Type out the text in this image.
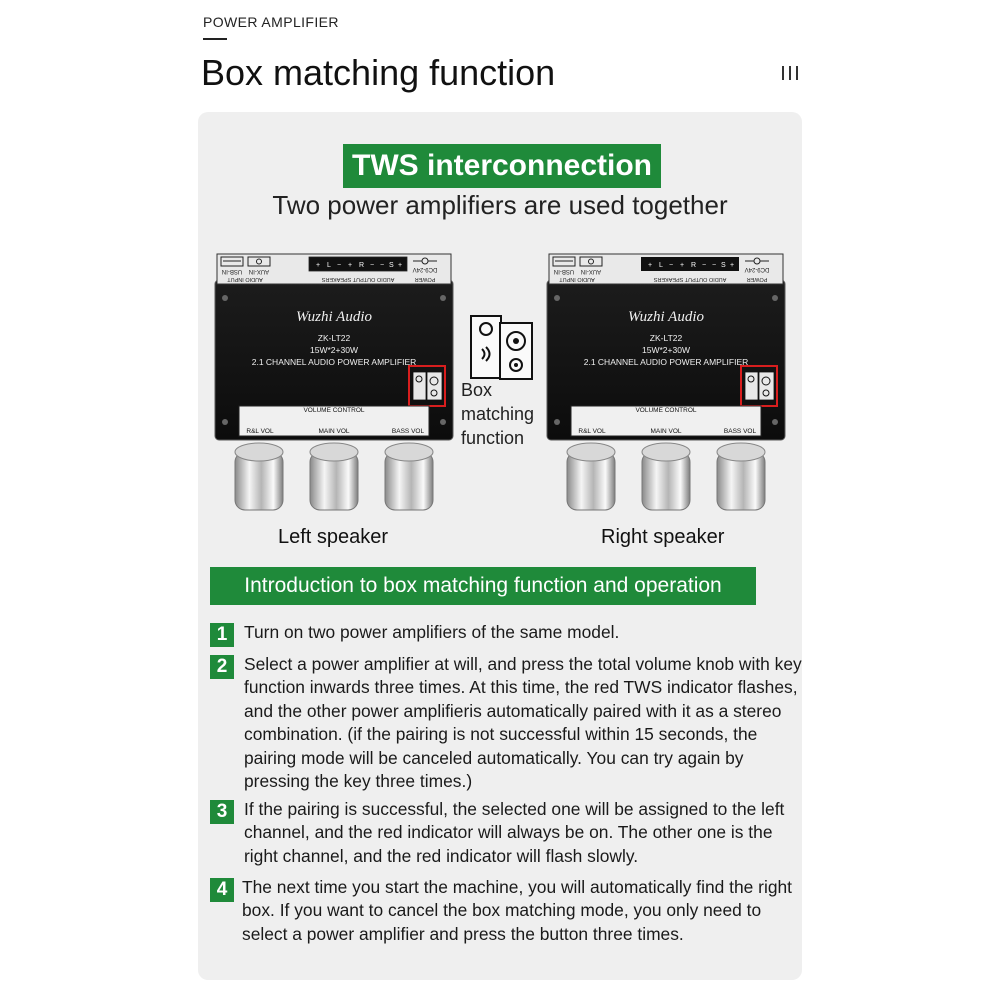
POWER AMPLIFIER
Box matching function
TWS interconnection
Two power amplifiers are used together
USB-IN AUX-IN
AUDIO INPUT
+ L − + R − − S +
AUDIO OUTPUT SPEAKERS
DC9-24V
POWER
Wuzhi Audio
ZK-LT22
15W*2+30W
2.1 CHANNEL AUDIO POWER AMPLIFIER
VOLUME CONTROL
R&L VOL	MAIN VOL	BASS VOL
USB-IN AUX-IN
AUDIO INPUT
+ L − + R − − S +
AUDIO OUTPUT SPEAKERS
DC9-24V
POWER
Wuzhi Audio
ZK-LT22
15W*2+30W
2.1 CHANNEL AUDIO POWER AMPLIFIER
VOLUME CONTROL
R&L VOL	MAIN VOL	BASS VOL
Box
matching
function
Left speaker	Right speaker
Introduction to box matching function and operation
1 Turn on two power amplifiers of the same model.
2 Select a power amplifier at will, and press the total volume knob with key function inwards three times. At this time, the red TWS indicator flashes, and the other power amplifieris automatically paired with it as a stereo combination. (if the pairing is not successful within 15 seconds, the pairing mode will be canceled automatically. You can try again by pressing the key three times.)
3 If the pairing is successful, the selected one will be assigned to the left channel, and the red indicator will always be on. The other one is the right channel, and the red indicator will flash slowly.
4 The next time you start the machine, you will automatically find the right box. If you want to cancel the box matching mode, you only need to select a power amplifier and press the button three times.
